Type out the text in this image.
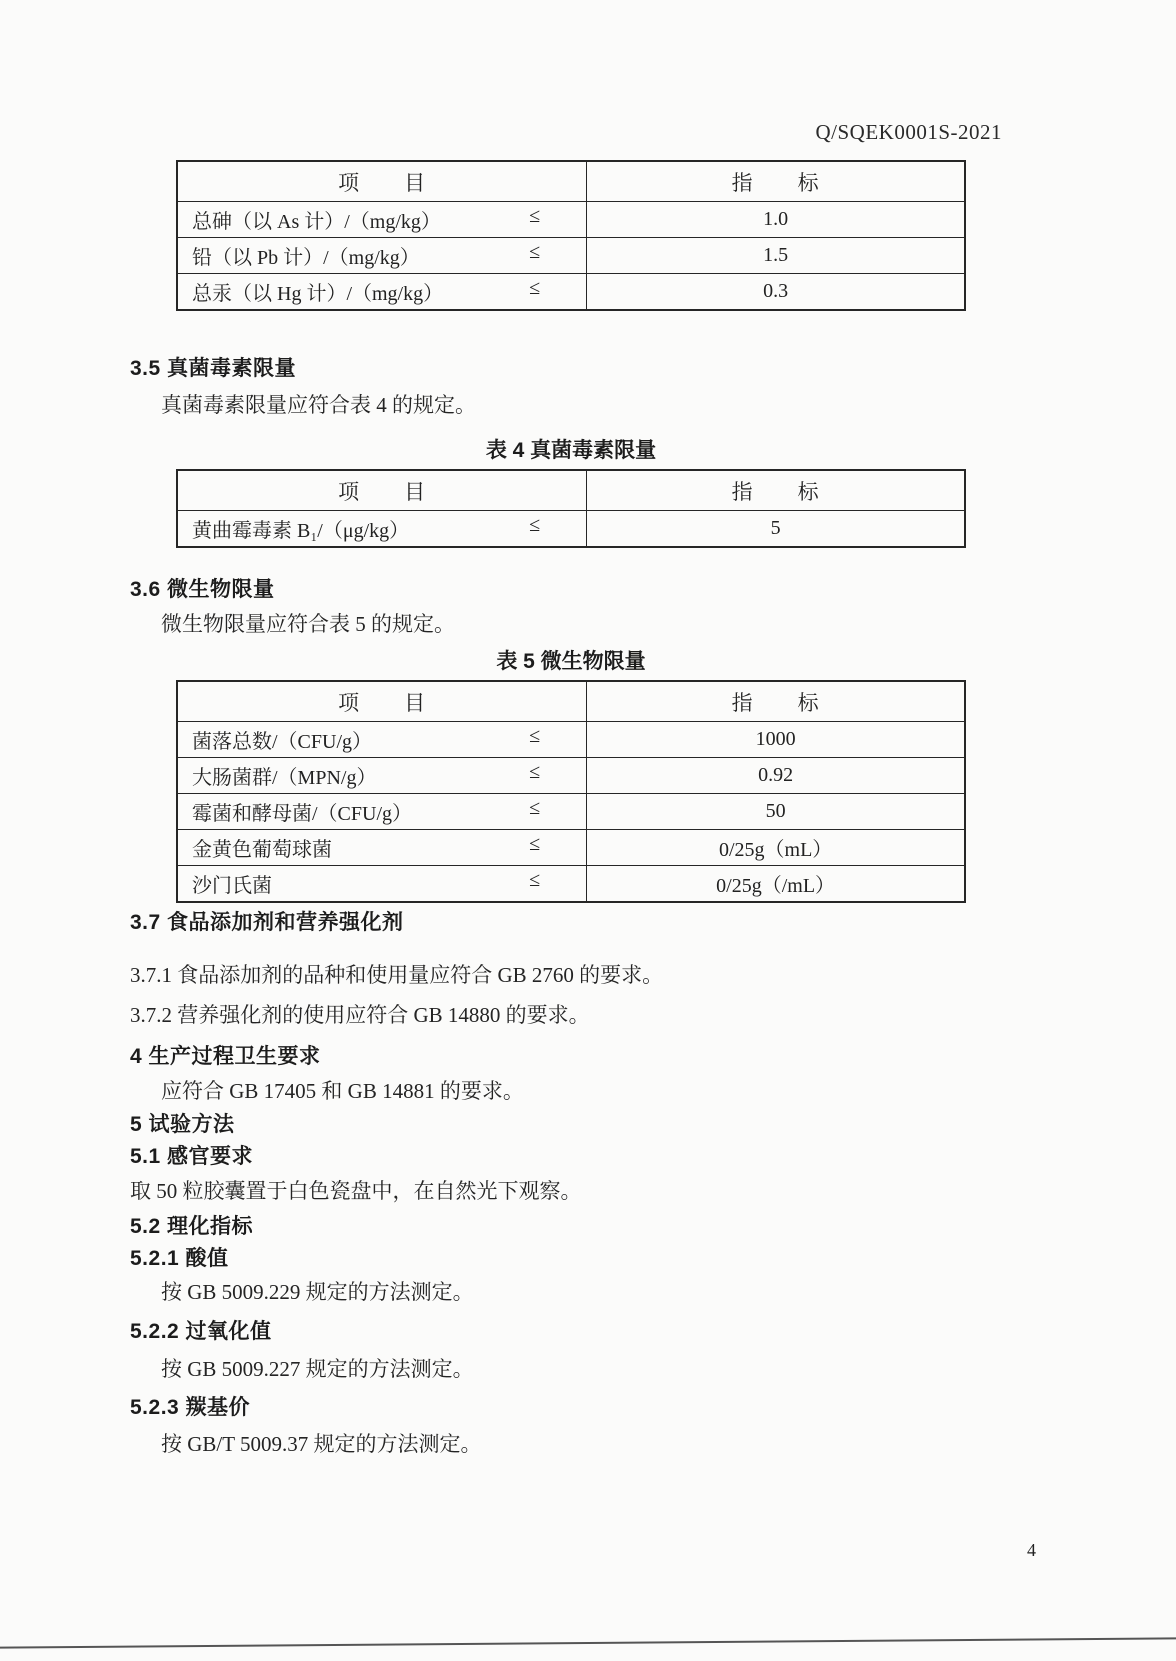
Q/SQEK0001S-2021
项　　目	指　　标

总砷（以 As 计）/（mg/kg） ≤	1.0

铅（以 Pb 计）/（mg/kg） ≤	1.5

总汞（以 Hg 计）/（mg/kg） ≤	0.3
3.5 真菌毒素限量
真菌毒素限量应符合表 4 的规定。
表 4 真菌毒素限量
项　　目	指　　标

黄曲霉毒素 B₁/（μg/kg） ≤	5
3.6 微生物限量
微生物限量应符合表 5 的规定。
表 5 微生物限量
项　　目	指　　标

菌落总数/（CFU/g） ≤	1000

大肠菌群/（MPN/g） ≤	0.92

霉菌和酵母菌/（CFU/g） ≤	50

金黄色葡萄球菌 ≤	0/25g（mL）

沙门氏菌 ≤	0/25g（/mL）
3.7 食品添加剂和营养强化剂
3.7.1 食品添加剂的品种和使用量应符合 GB 2760 的要求。
3.7.2 营养强化剂的使用应符合 GB 14880 的要求。
4 生产过程卫生要求
应符合 GB 17405 和 GB 14881 的要求。
5 试验方法
5.1 感官要求
取 50 粒胶囊置于白色瓷盘中，在自然光下观察。
5.2 理化指标
5.2.1 酸值
按 GB 5009.229 规定的方法测定。
5.2.2 过氧化值
按 GB 5009.227 规定的方法测定。
5.2.3 羰基价
按 GB/T 5009.37 规定的方法测定。
4
